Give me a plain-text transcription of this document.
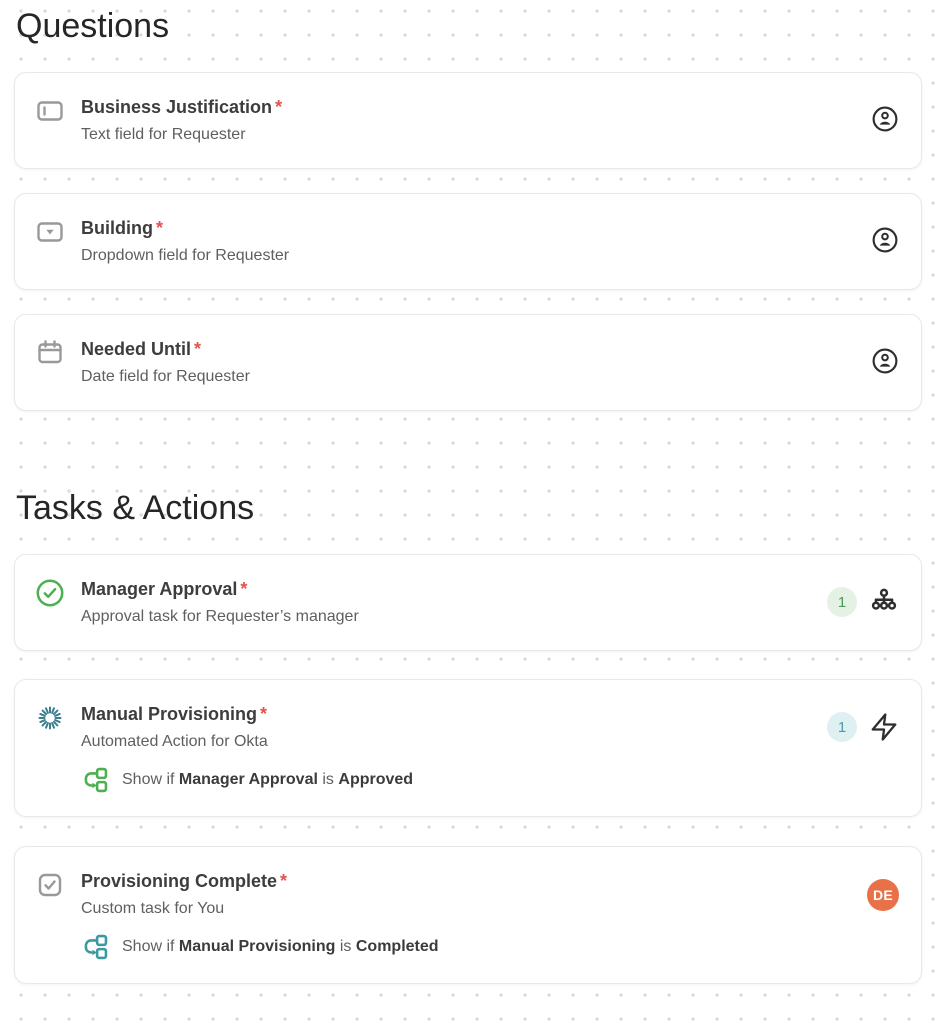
Questions
Business Justification *
Text field for Requester
Building *
Dropdown field for Requester
Needed Until *
Date field for Requester
Tasks & Actions
Manager Approval *
Approval task for Requester’s manager
1
Manual Provisioning *
Automated Action for Okta
Show if Manager Approval is Approved
1
Provisioning Complete *
Custom task for You
Show if Manual Provisioning is Completed
DE
